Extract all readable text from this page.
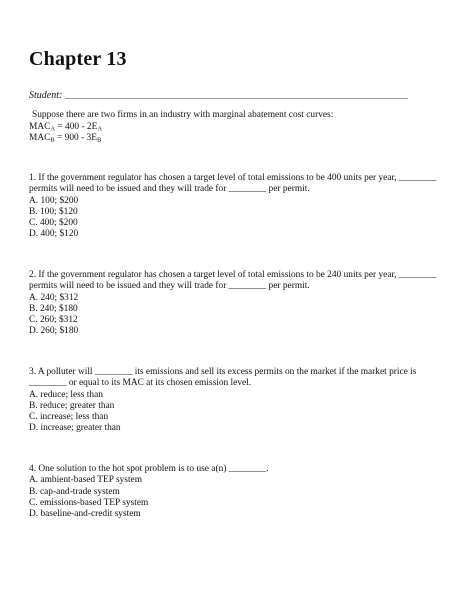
Chapter 13
Student:
Suppose there are two firms in an industry with marginal abatement cost curves:
$MAC_A = 400 - 2E_A$
$MAC_B = 900 - 3E_B$
1. If the government regulator has chosen a target level of total emissions to be 400 units per year, ________
permits will need to be issued and they will trade for ________ per permit.
A. 100; $200
B. 100; $120
C. 400; $200
D. 400; $120
2. If the government regulator has chosen a target level of total emissions to be 240 units per year, ________
permits will need to be issued and they will trade for ________ per permit.
A. 240; $312
B. 240; $180
C. 260; $312
D. 260; $180
3. A polluter will ________ its emissions and sell its excess permits on the market if the market price is
________ or equal to its MAC at its chosen emission level.
A. reduce; less than
B. reduce; greater than
C. increase; less than
D. increase; greater than
4. One solution to the hot spot problem is to use a(n) ________.
A. ambient-based TEP system
B. cap-and-trade system
C. emissions-based TEP system
D. baseline-and-credit system
